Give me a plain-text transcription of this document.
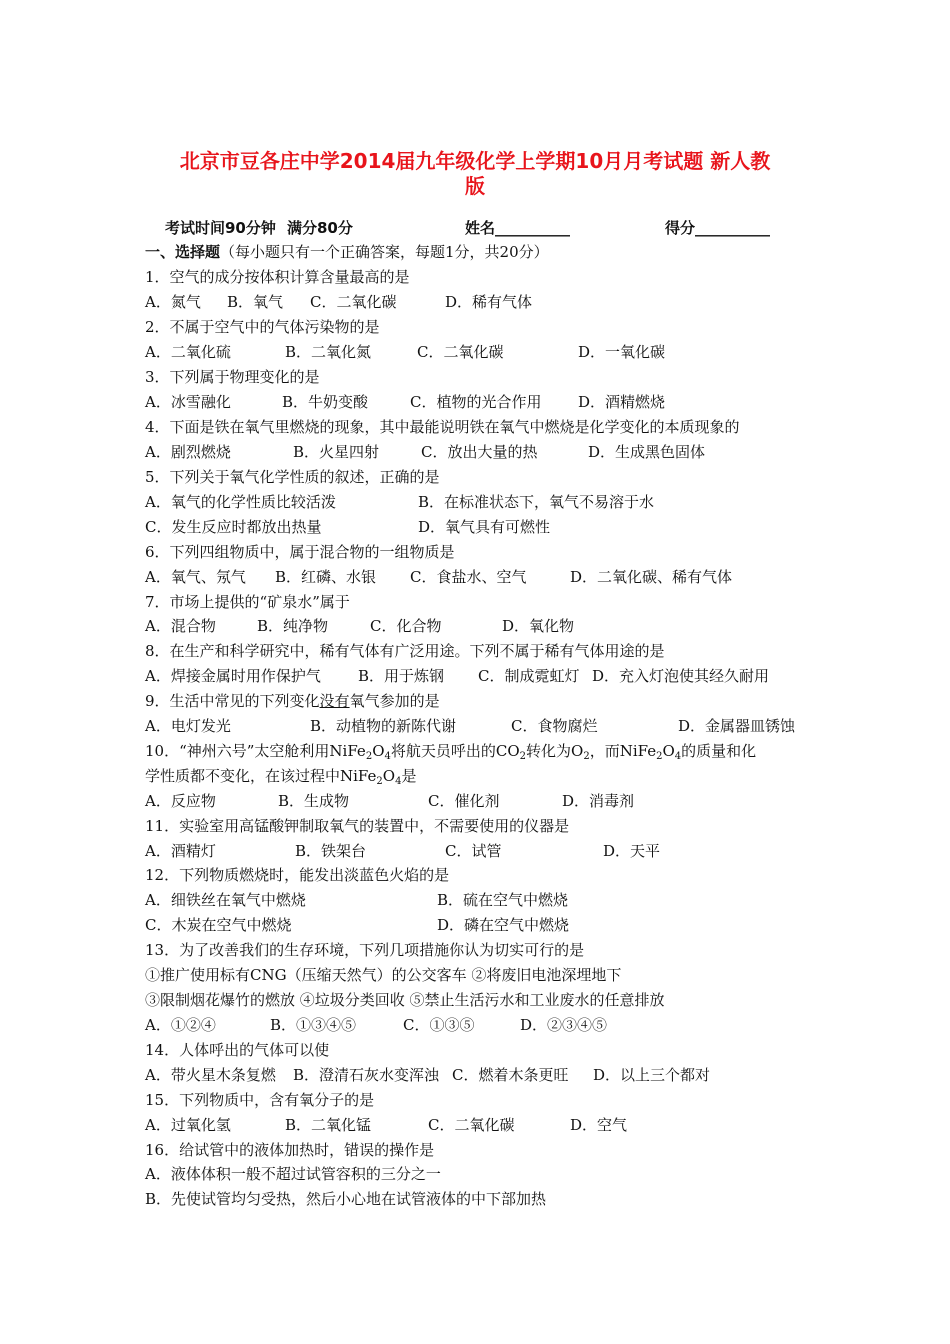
北京市豆各庄中学2014届九年级化学上学期10月月考试题 新人教
版
考试时间90分钟 满分80分	姓名__________	得分__________
一、选择题（每小题只有一个正确答案，每题1分，共20分）
1．空气的成分按体积计算含量最高的是
A．氮气 B．氧气 C．二氧化碳	D．稀有气体
2．不属于空气中的气体污染物的是
A．二氧化硫	B．二氧化氮	C．二氧化碳	D．一氧化碳
3．下列属于物理变化的是
A．冰雪融化	B．牛奶变酸	C．植物的光合作用 D．酒精燃烧
4．下面是铁在氧气里燃烧的现象，其中最能说明铁在氧气中燃烧是化学变化的本质现象的
A．剧烈燃烧	B．火星四射	C．放出大量的热	D．生成黑色固体
5．下列关于氧气化学性质的叙述，正确的是
A．氧气的化学性质比较活泼	B．在标准状态下，氧气不易溶于水
C．发生反应时都放出热量	D．氧气具有可燃性
6．下列四组物质中，属于混合物的一组物质是
A．氧气、氖气 B．红磷、水银 C．食盐水、空气	D．二氧化碳、稀有气体
7．市场上提供的“矿泉水”属于
A．混合物	B．纯净物	C．化合物	D．氧化物
8．在生产和科学研究中，稀有气体有广泛用途。下列不属于稀有气体用途的是
A．焊接金属时用作保护气 B．用于炼钢 C．制成霓虹灯 D．充入灯泡使其经久耐用
9．生活中常见的下列变化没有氧气参加的是
A．电灯发光	B．动植物的新陈代谢	C．食物腐烂	D．金属器皿锈蚀
10．“神州六号”太空舱利用$NiFe_2O_4$将航天员呼出的$CO_2$转化为$O_2$，而$NiFe_2O_4$的质量和化
学性质都不变化，在该过程中$NiFe_2O_4$是
A．反应物	B．生成物	C．催化剂	D．消毒剂
11．实验室用高锰酸钾制取氧气的装置中，不需要使用的仪器是
A．酒精灯	B．铁架台	C．试管	D．天平
12．下列物质燃烧时，能发出淡蓝色火焰的是
A．细铁丝在氧气中燃烧	B．硫在空气中燃烧
C．木炭在空气中燃烧	D．磷在空气中燃烧
13．为了改善我们的生存环境，下列几项措施你认为切实可行的是
①推广使用标有CNG（压缩天然气）的公交客车 ②将废旧电池深埋地下
③限制烟花爆竹的燃放 ④垃圾分类回收 ⑤禁止生活污水和工业废水的任意排放
A．①②④	B．①③④⑤	C．①③⑤	D．②③④⑤
14．人体呼出的气体可以使
A．带火星木条复燃 B．澄清石灰水变浑浊 C．燃着木条更旺 D．以上三个都对
15．下列物质中，含有氧分子的是
A．过氧化氢	B．二氧化锰	C．二氧化碳	D．空气
16．给试管中的液体加热时，错误的操作是
A．液体体积一般不超过试管容积的三分之一
B．先使试管均匀受热，然后小心地在试管液体的中下部加热
